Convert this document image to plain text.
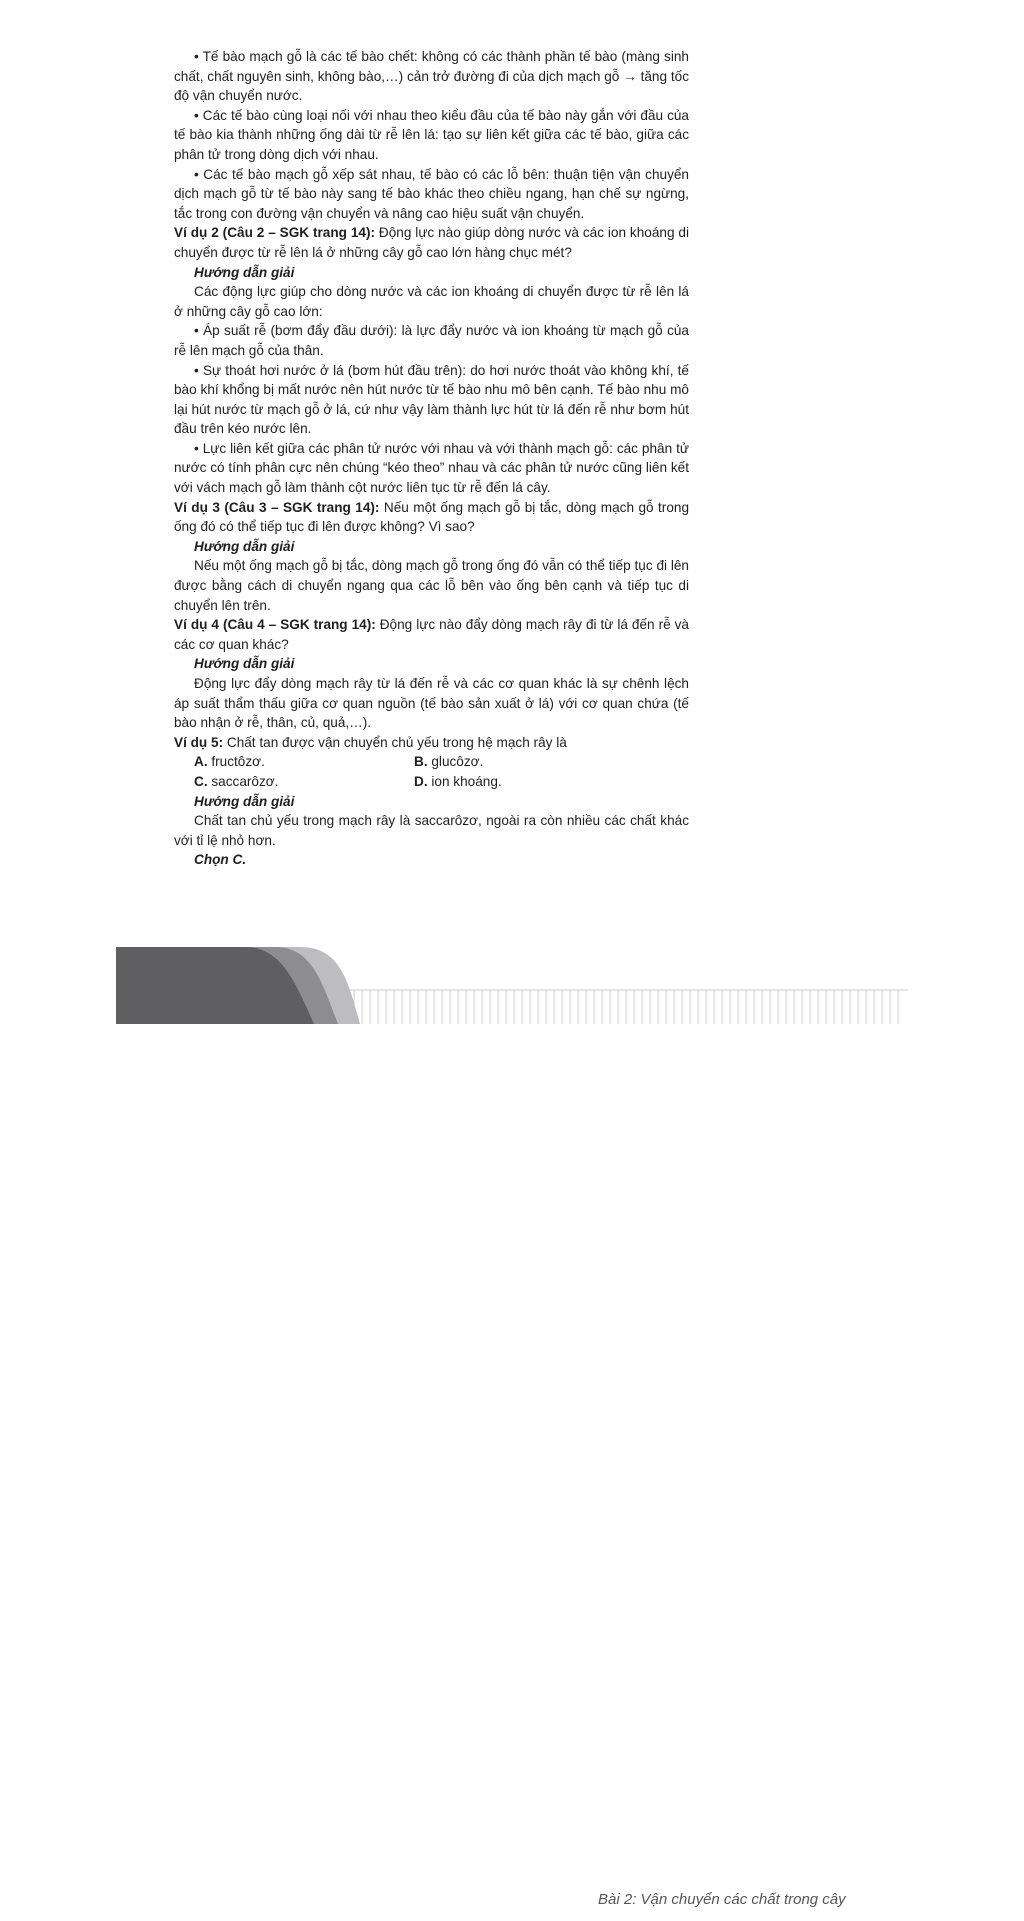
• Tế bào mạch gỗ là các tế bào chết: không có các thành phần tế bào (màng sinh chất, chất nguyên sinh, không bào,…) cản trở đường đi của dịch mạch gỗ → tăng tốc độ vận chuyển nước.

• Các tế bào cùng loại nối với nhau theo kiểu đầu của tế bào này gắn với đầu của tế bào kia thành những ống dài từ rễ lên lá: tạo sự liên kết giữa các tế bào, giữa các phân tử trong dòng dịch với nhau.

• Các tế bào mạch gỗ xếp sát nhau, tế bào có các lỗ bên: thuận tiện vận chuyển dịch mạch gỗ từ tế bào này sang tế bào khác theo chiều ngang, hạn chế sự ngừng, tắc trong con đường vận chuyển và nâng cao hiệu suất vận chuyển.

Ví dụ 2 (Câu 2 – SGK trang 14): Động lực nào giúp dòng nước và các ion khoáng di chuyển được từ rễ lên lá ở những cây gỗ cao lớn hàng chục mét?

Hướng dẫn giải

Các động lực giúp cho dòng nước và các ion khoáng di chuyển được từ rễ lên lá ở những cây gỗ cao lớn:

• Áp suất rễ (bơm đẩy đầu dưới): là lực đẩy nước và ion khoáng từ mạch gỗ của rễ lên mạch gỗ của thân.

• Sự thoát hơi nước ở lá (bơm hút đầu trên): do hơi nước thoát vào không khí, tế bào khí khổng bị mất nước nên hút nước từ tế bào nhu mô bên cạnh. Tế bào nhu mô lại hút nước từ mạch gỗ ở lá, cứ như vậy làm thành lực hút từ lá đến rễ như bơm hút đầu trên kéo nước lên.

• Lực liên kết giữa các phân tử nước với nhau và với thành mạch gỗ: các phân tử nước có tính phân cực nên chúng “kéo theo” nhau và các phân tử nước cũng liên kết với vách mạch gỗ làm thành cột nước liên tục từ rễ đến lá cây.

Ví dụ 3 (Câu 3 – SGK trang 14): Nếu một ống mạch gỗ bị tắc, dòng mạch gỗ trong ống đó có thể tiếp tục đi lên được không? Vì sao?

Hướng dẫn giải

Nếu một ống mạch gỗ bị tắc, dòng mạch gỗ trong ống đó vẫn có thể tiếp tục đi lên được bằng cách di chuyển ngang qua các lỗ bên vào ống bên cạnh và tiếp tục di chuyển lên trên.

Ví dụ 4 (Câu 4 – SGK trang 14): Động lực nào đẩy dòng mạch rây đi từ lá đến rễ và các cơ quan khác?

Hướng dẫn giải

Động lực đẩy dòng mạch rây từ lá đến rễ và các cơ quan khác là sự chênh lệch áp suất thẩm thấu giữa cơ quan nguồn (tế bào sản xuất ở lá) với cơ quan chứa (tế bào nhận ở rễ, thân, củ, quả,…).

Ví dụ 5: Chất tan được vận chuyển chủ yếu trong hệ mạch rây là

A. fructôzơ.	B. glucôzơ.
C. saccarôzơ.	D. ion khoáng.

Hướng dẫn giải

Chất tan chủ yếu trong mạch rây là saccarôzơ, ngoài ra còn nhiều các chất khác với tỉ lệ nhỏ hơn.

Chọn C.

22	Bài 2: Vận chuyển các chất trong cây
